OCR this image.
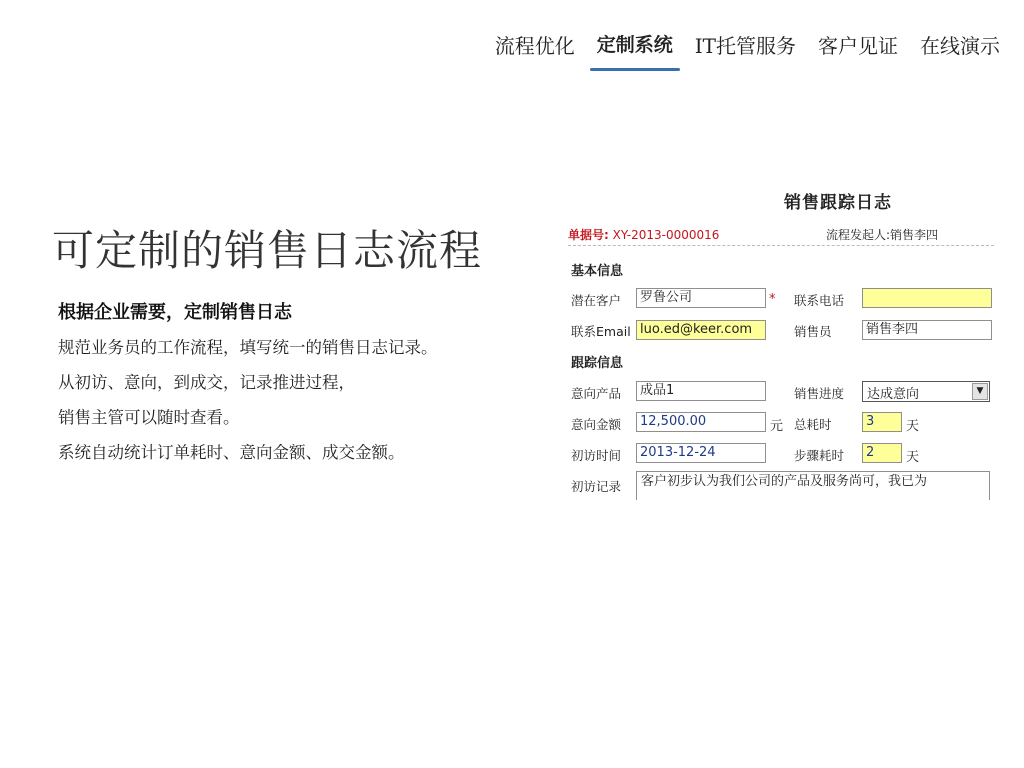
流程优化 定制系统 IT托管服务 客户见证 在线演示
可定制的销售日志流程
根据企业需要，定制销售日志
规范业务员的工作流程，填写统一的销售日志记录。
从初访、意向，到成交，记录推进过程，
销售主管可以随时查看。
系统自动统计订单耗时、意向金额、成交金额。
销售跟踪日志
单据号: XY-2013-0000016	流程发起人:销售李四
基本信息
潜在客户	罗鲁公司	* 联系电话
联系Email luo.ed@keer.com	销售员	销售李四
跟踪信息
意向产品	成品1	销售进度 达成意向	▼
意向金额	12,500.00	元 总耗时	3	天
初访时间	2013-12-24	步骤耗时	2	天
初访记录	客户初步认为我们公司的产品及服务尚可，我已为
